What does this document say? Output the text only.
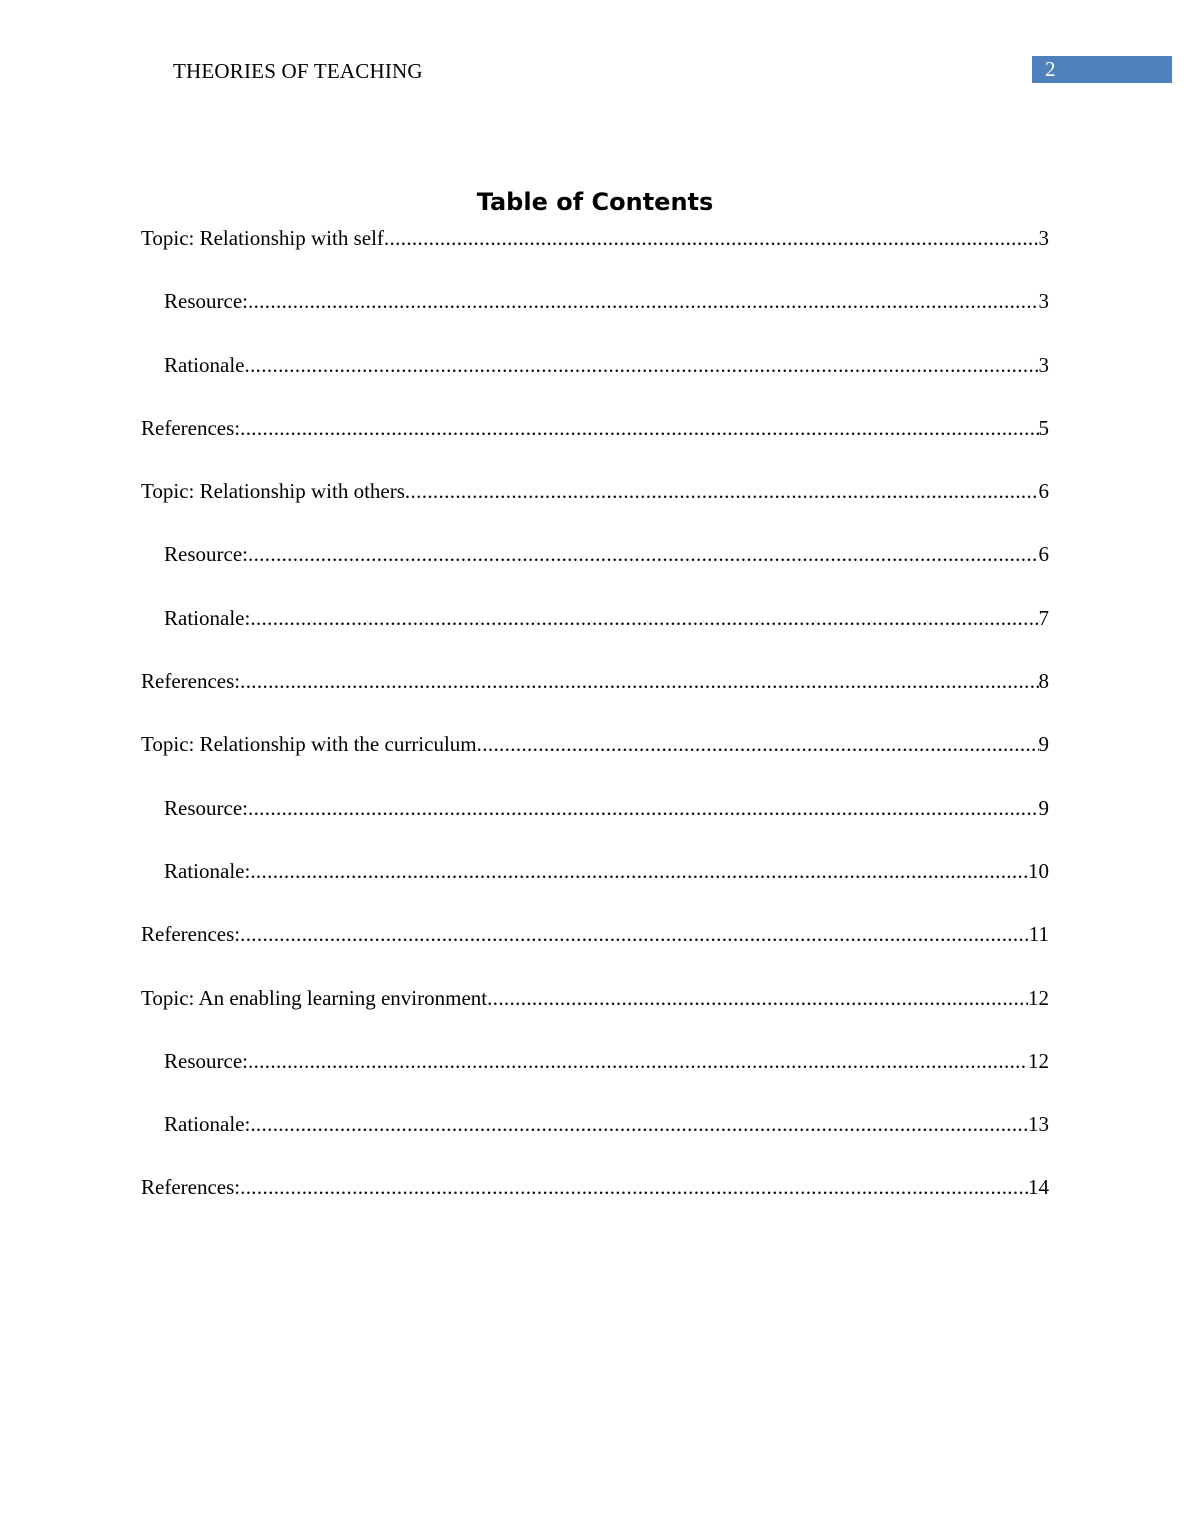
THEORIES OF TEACHING	2
Table of Contents
Topic: Relationship with self .....	3
Resource: .....	3
Rationale .....	3
References: .....	5
Topic: Relationship with others .....	6
Resource: .....	6
Rationale: .....	7
References: .....	8
Topic: Relationship with the curriculum .....	9
Resource: .....	9
Rationale: .....	10
References: .....	11
Topic: An enabling learning environment .....	12
Resource: .....	12
Rationale: .....	13
References: .....	14
